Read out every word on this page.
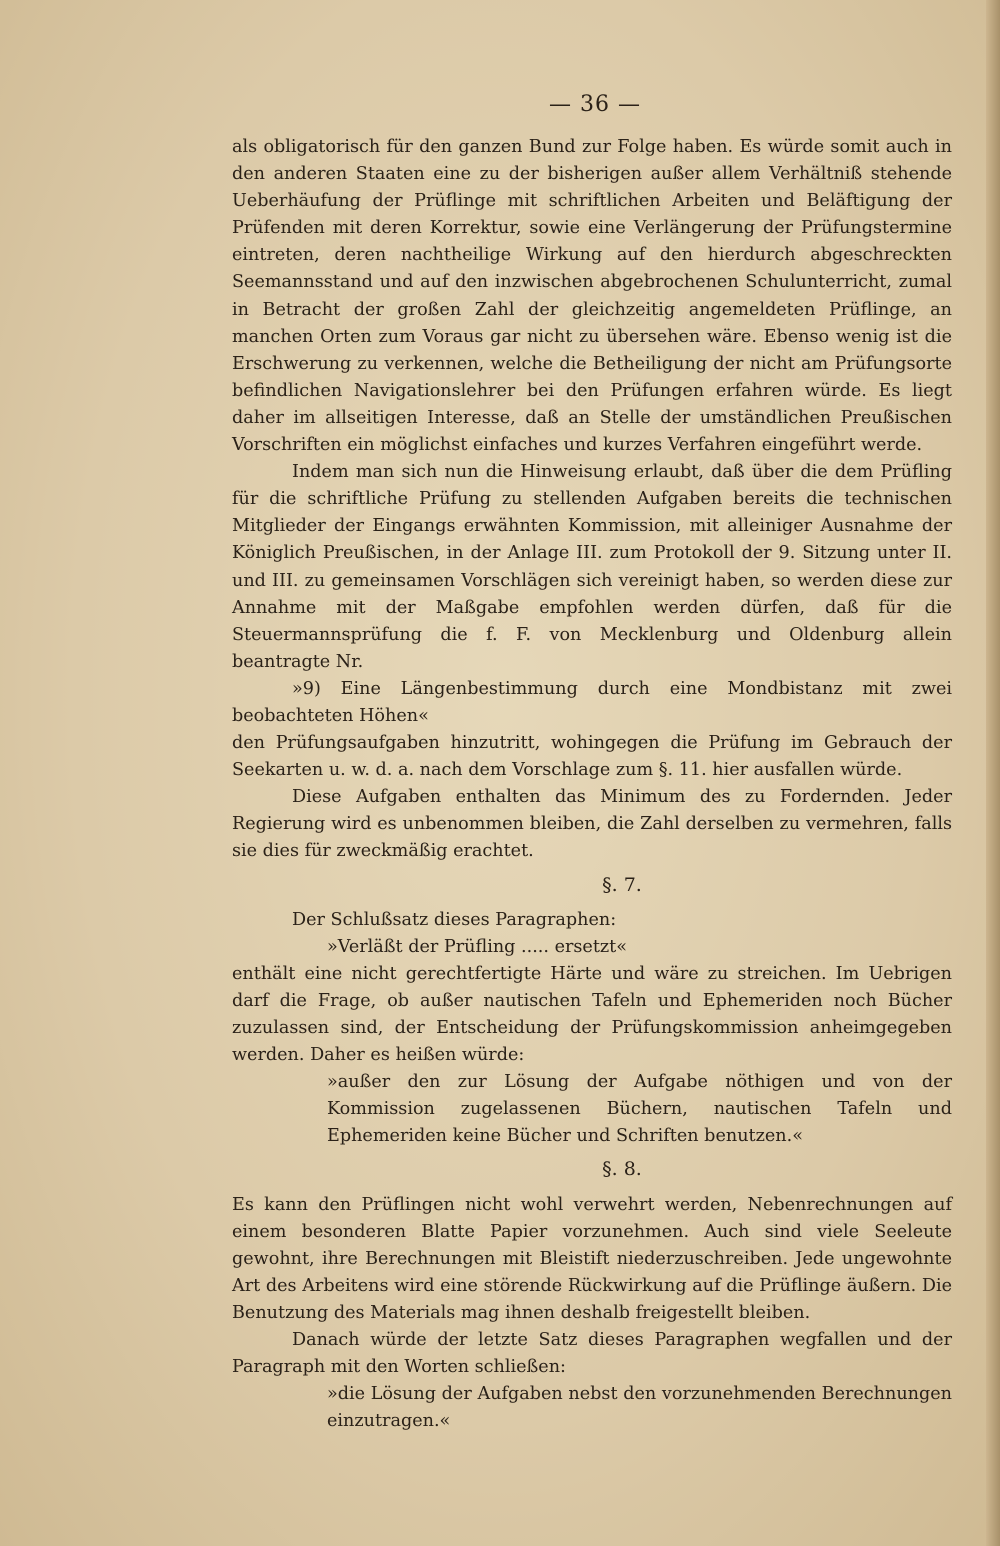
— 36 —

als obligatorisch für den ganzen Bund zur Folge haben. Es würde somit auch in den anderen Staaten eine zu der bisherigen außer allem Verhältniß stehende Ueberhäufung der Prüflinge mit schriftlichen Arbeiten und Beläftigung der Prüfenden mit deren Korrektur, sowie eine Verlängerung der Prüfungstermine eintreten, deren nachtheilige Wirkung auf den hierdurch abgeschreckten Seemannsstand und auf den inzwischen abgebrochenen Schulunterricht, zumal in Betracht der großen Zahl der gleichzeitig angemeldeten Prüflinge, an manchen Orten zum Voraus gar nicht zu übersehen wäre. Ebenso wenig ist die Erschwerung zu verkennen, welche die Betheiligung der nicht am Prüfungsorte befindlichen Navigationslehrer bei den Prüfungen erfahren würde. Es liegt daher im allseitigen Interesse, daß an Stelle der umständlichen Preußischen Vorschriften ein möglichst einfaches und kurzes Verfahren eingeführt werde.

Indem man sich nun die Hinweisung erlaubt, daß über die dem Prüfling für die schriftliche Prüfung zu stellenden Aufgaben bereits die technischen Mitglieder der Eingangs erwähnten Kommission, mit alleiniger Ausnahme der Königlich Preußischen, in der Anlage III. zum Protokoll der 9. Sitzung unter II. und III. zu gemeinsamen Vorschlägen sich vereinigt haben, so werden diese zur Annahme mit der Maßgabe empfohlen werden dürfen, daß für die Steuermannsprüfung die f. F. von Mecklenburg und Oldenburg allein beantragte Nr.

»9) Eine Längenbestimmung durch eine Mondbistanz mit zwei beobachteten Höhen«

den Prüfungsaufgaben hinzutritt, wohingegen die Prüfung im Gebrauch der Seekarten u. w. d. a. nach dem Vorschlage zum §. 11. hier ausfallen würde.

Diese Aufgaben enthalten das Minimum des zu Fordernden. Jeder Regierung wird es unbenommen bleiben, die Zahl derselben zu vermehren, falls sie dies für zweckmäßig erachtet.

§. 7.

Der Schlußsatz dieses Paragraphen:

»Verläßt der Prüfling ..... ersetzt«

enthält eine nicht gerechtfertigte Härte und wäre zu streichen. Im Uebrigen darf die Frage, ob außer nautischen Tafeln und Ephemeriden noch Bücher zuzulassen sind, der Entscheidung der Prüfungskommission anheimgegeben werden. Daher es heißen würde:

»außer den zur Lösung der Aufgabe nöthigen und von der Kommission zugelassenen Büchern, nautischen Tafeln und Ephemeriden keine Bücher und Schriften benutzen.«

§. 8.

Es kann den Prüflingen nicht wohl verwehrt werden, Nebenrechnungen auf einem besonderen Blatte Papier vorzunehmen. Auch sind viele Seeleute gewohnt, ihre Berechnungen mit Bleistift niederzuschreiben. Jede ungewohnte Art des Arbeitens wird eine störende Rückwirkung auf die Prüflinge äußern. Die Benutzung des Materials mag ihnen deshalb freigestellt bleiben.

Danach würde der letzte Satz dieses Paragraphen wegfallen und der Paragraph mit den Worten schließen:

»die Lösung der Aufgaben nebst den vorzunehmenden Berechnungen einzutragen.«
